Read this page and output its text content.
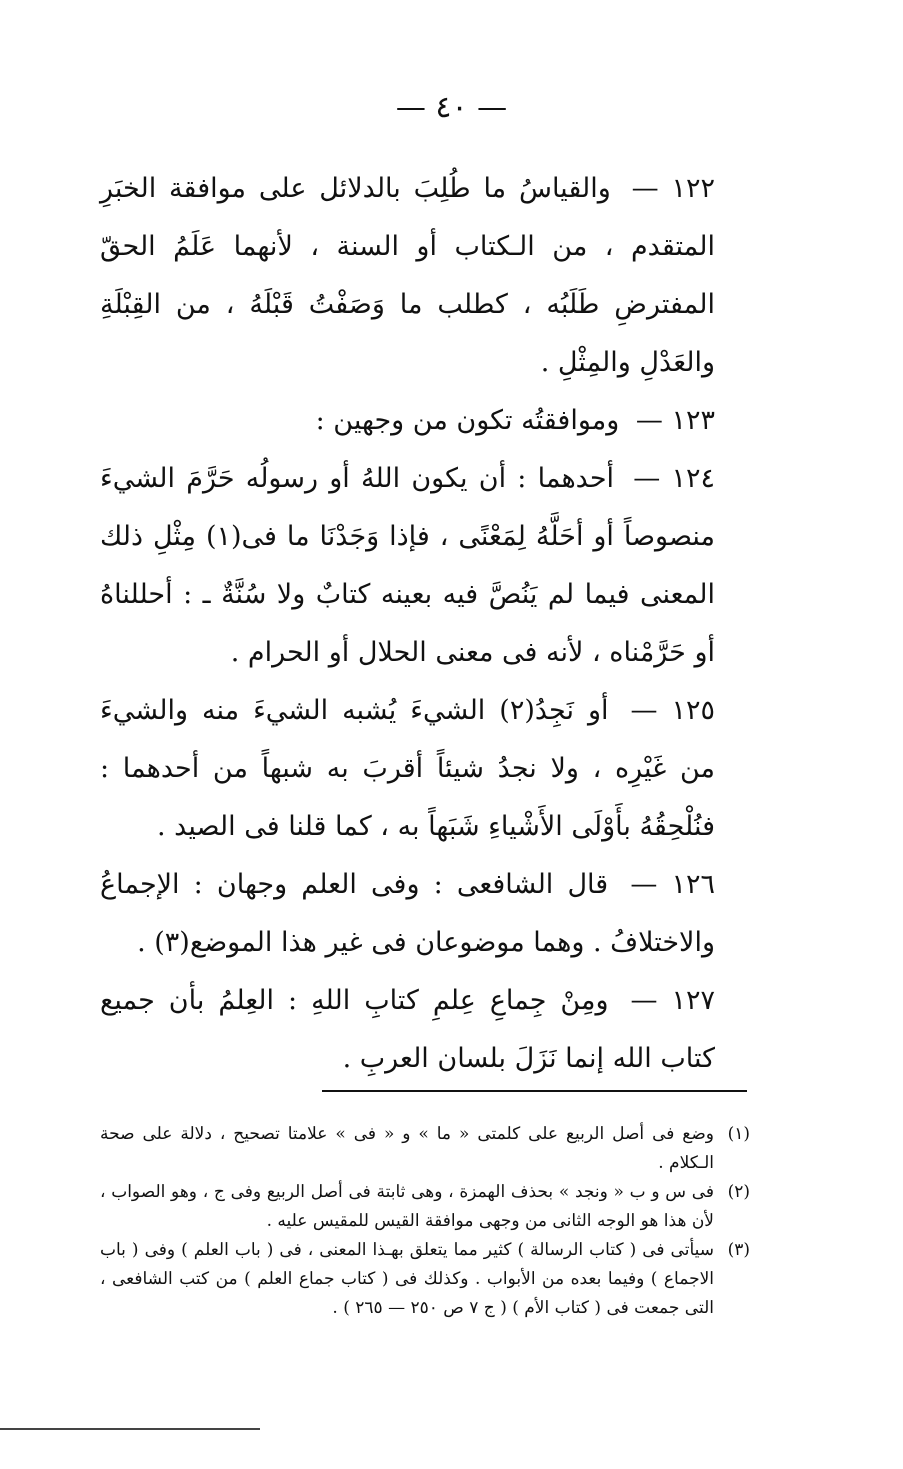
— ٤٠ —

١٢٢ — والقياسُ ما طُلِبَ بالدلائل على موافقة الخبَرِ المتقدم ، من الـكتاب أو السنة ، لأنهما عَلَمُ الحقّ المفترضِ طَلَبُه ، كطلب ما وَصَفْتُ قَبْلَهُ ، من القِبْلَةِ والعَدْلِ والمِثْلِ .

١٢٣ — وموافقتُه تكون من وجهين :

١٢٤ — أحدهما : أن يكون اللهُ أو رسولُه حَرَّمَ الشيءَ منصوصاً أو أحَلَّهُ لِمَعْنًى ، فإذا وَجَدْنَا ما فى(١) مِثْلِ ذلك المعنى فيما لم يَنُصَّ فيه بعينه كتابٌ ولا سُنَّةٌ ـ : أحللناهُ أو حَرَّمْناه ، لأنه فى معنى الحلال أو الحرام .

١٢٥ — أو نَجِدُ(٢) الشيءَ يُشبه الشيءَ منه والشيءَ من غَيْرِه ، ولا نجدُ شيئاً أقربَ به شبهاً من أحدهما : فنُلْحِقُهُ بأَوْلَى الأَشْياءِ شَبَهاً به ، كما قلنا فى الصيد .

١٢٦ — قال الشافعى : وفى العلم وجهان : الإجماعُ والاختلافُ . وهما موضوعان فى غير هذا الموضع(٣) .

١٢٧ — ومِنْ جِماعِ عِلمِ كتابِ اللهِ : العِلمُ بأن جميع كتاب الله إنما نَزَلَ بلسان العربِ .

(١)
وضع فى أصل الربيع على كلمتى « ما » و « فى » علامتا تصحيح ، دلالة على صحة الـكلام .
(٢)
فى س و ب « ونجد » بحذف الهمزة ، وهى ثابتة فى أصل الربيع وفى ج ، وهو الصواب ، لأن هذا هو الوجه الثانى من وجهى موافقة القيس للمقيس عليه .
(٣)
سيأتى فى ( كتاب الرسالة ) كثير مما يتعلق بهـذا المعنى ، فى ( باب العلم ) وفى ( باب الاجماع ) وفيما بعده من الأبواب . وكذلك فى ( كتاب جماع العلم ) من كتب الشافعى ، التى جمعت فى ( كتاب الأم ) ( ج ٧ ص ٢٥٠ — ٢٦٥ ) .
